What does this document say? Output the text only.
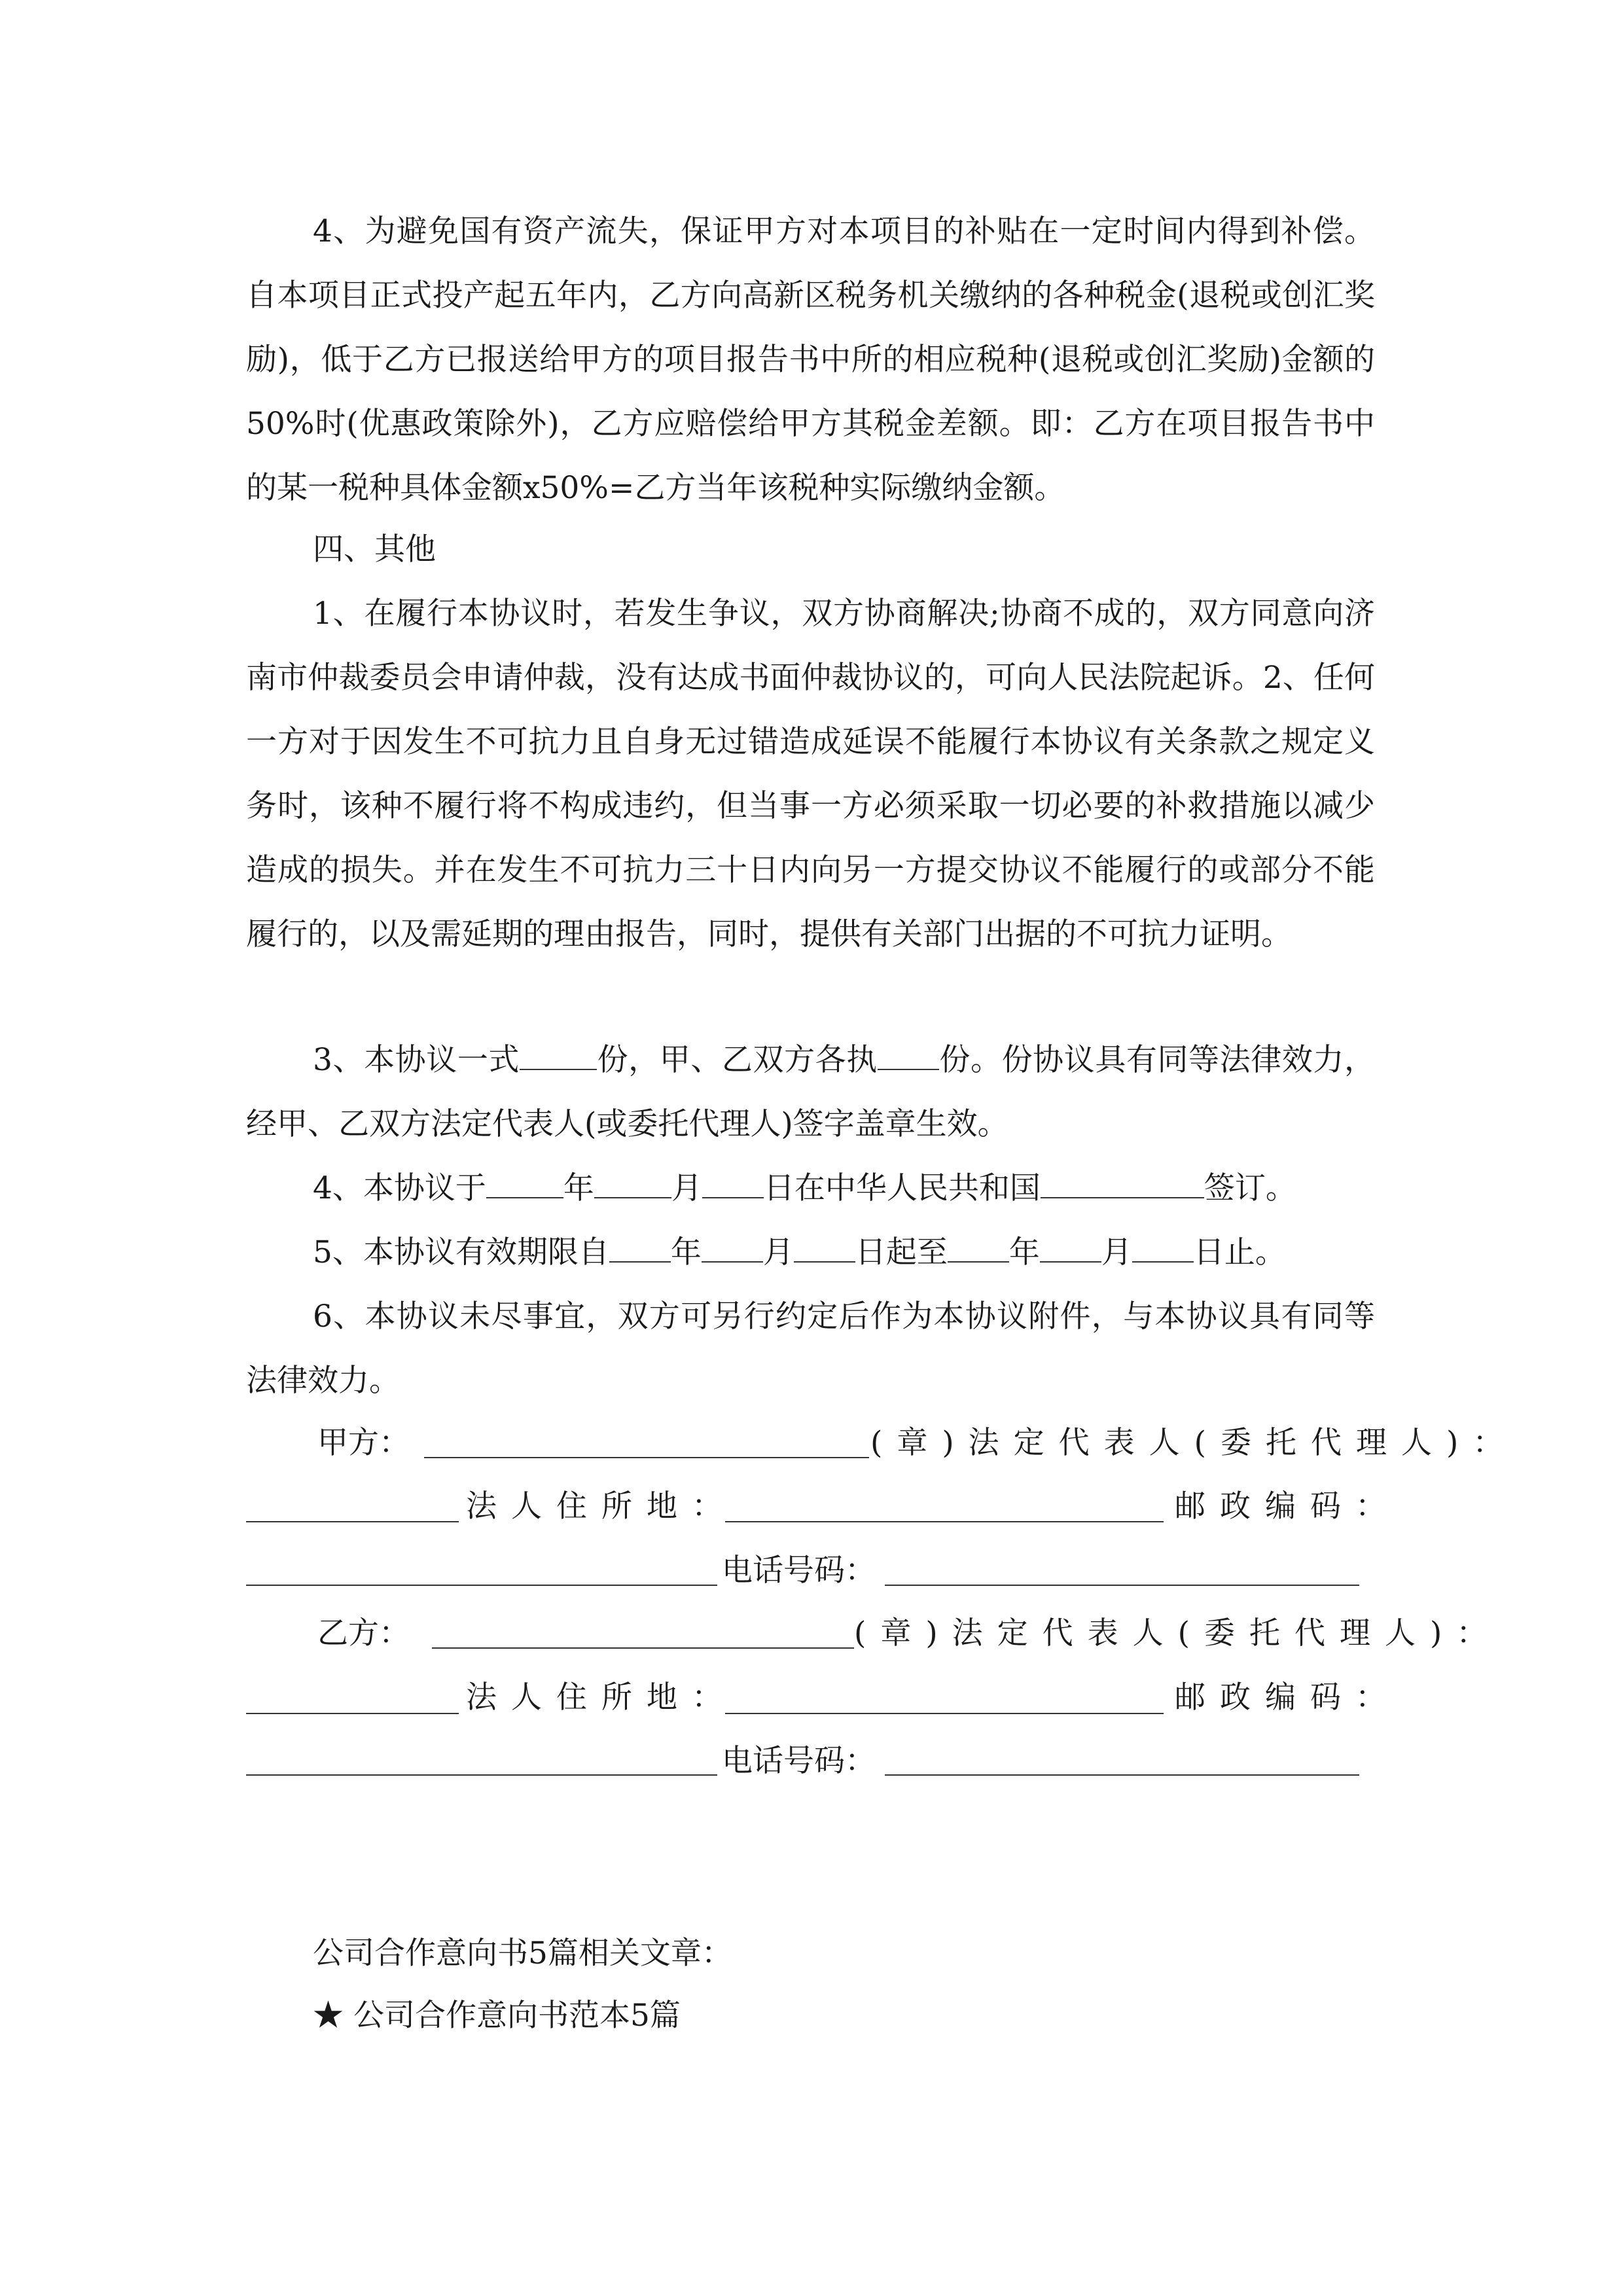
4、为避免国有资产流失，保证甲方对本项目的补贴在一定时间内得到补偿。自本项目正式投产起五年内，乙方向高新区税务机关缴纳的各种税金(退税或创汇奖励)，低于乙方已报送给甲方的项目报告书中所的相应税种(退税或创汇奖励)金额的50%时(优惠政策除外)，乙方应赔偿给甲方其税金差额。即：乙方在项目报告书中的某一税种具体金额x50%=乙方当年该税种实际缴纳金额。
四、其他
1、在履行本协议时，若发生争议，双方协商解决;协商不成的，双方同意向济南市仲裁委员会申请仲裁，没有达成书面仲裁协议的，可向人民法院起诉。2、任何一方对于因发生不可抗力且自身无过错造成延误不能履行本协议有关条款之规定义务时，该种不履行将不构成违约，但当事一方必须采取一切必要的补救措施以减少造成的损失。并在发生不可抗力三十日内向另一方提交协议不能履行的或部分不能履行的，以及需延期的理由报告，同时，提供有关部门出据的不可抗力证明。
3、本协议一式	份，甲、乙双方各执 份。份协议具有同等法律效力，经甲、乙双方法定代表人(或委托代理人)签字盖章生效。
4、本协议于	年	月 日在中华人民共和国	签订。
5、本协议有效期限自 年 月 日起至 年 月 日止。
6、本协议未尽事宜，双方可另行约定后作为本协议附件，与本协议具有同等法律效力。
甲方：	(章)法定代表人(委托代理人)：
法人住所地：	邮政编码：
电话号码：
乙方：	(章)法定代表人(委托代理人)：
法人住所地：	邮政编码：
电话号码：
公司合作意向书5篇相关文章：
★ 公司合作意向书范本5篇
